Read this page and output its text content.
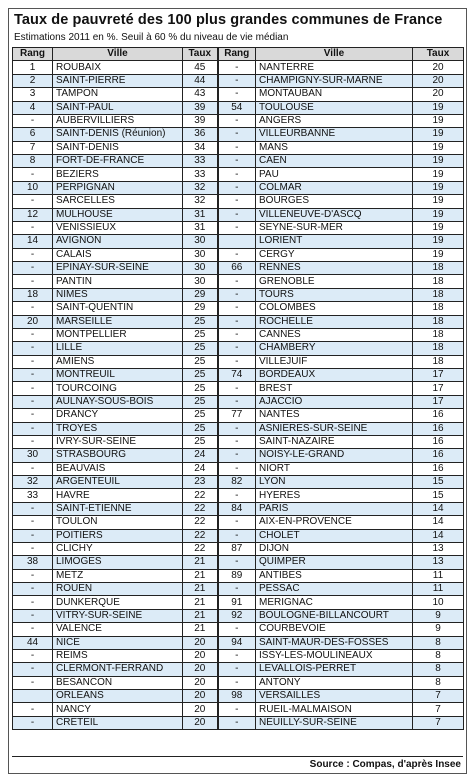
Taux de pauvreté des 100 plus grandes communes de France
Estimations 2011 en %. Seuil à 60 % du niveau de vie médian
Rang	Ville	Taux	Rang	Ville	Taux
1	ROUBAIX	45	-	NANTERRE	20
2	SAINT-PIERRE	44	-	CHAMPIGNY-SUR-MARNE	20
3	TAMPON	43	-	MONTAUBAN	20
4	SAINT-PAUL	39	54	TOULOUSE	19
-	AUBERVILLIERS	39	-	ANGERS	19
6	SAINT-DENIS (Réunion)	36	-	VILLEURBANNE	19
7	SAINT-DENIS	34	-	MANS	19
8	FORT-DE-FRANCE	33	-	CAEN	19
-	BEZIERS	33	-	PAU	19
10	PERPIGNAN	32	-	COLMAR	19
-	SARCELLES	32	-	BOURGES	19
12	MULHOUSE	31	-	VILLENEUVE-D'ASCQ	19
-	VENISSIEUX	31	-	SEYNE-SUR-MER	19
14	AVIGNON	30		LORIENT	19
-	CALAIS	30	-	CERGY	19
-	EPINAY-SUR-SEINE	30	66	RENNES	18
-	PANTIN	30	-	GRENOBLE	18
18	NIMES	29	-	TOURS	18
-	SAINT-QUENTIN	29	-	COLOMBES	18
20	MARSEILLE	25	-	ROCHELLE	18
-	MONTPELLIER	25	-	CANNES	18
-	LILLE	25	-	CHAMBERY	18
-	AMIENS	25	-	VILLEJUIF	18
-	MONTREUIL	25	74	BORDEAUX	17
-	TOURCOING	25	-	BREST	17
-	AULNAY-SOUS-BOIS	25	-	AJACCIO	17
-	DRANCY	25	77	NANTES	16
-	TROYES	25	-	ASNIERES-SUR-SEINE	16
-	IVRY-SUR-SEINE	25	-	SAINT-NAZAIRE	16
30	STRASBOURG	24	-	NOISY-LE-GRAND	16
-	BEAUVAIS	24	-	NIORT	16
32	ARGENTEUIL	23	82	LYON	15
33	HAVRE	22	-	HYERES	15
-	SAINT-ETIENNE	22	84	PARIS	14
-	TOULON	22	-	AIX-EN-PROVENCE	14
-	POITIERS	22	-	CHOLET	14
-	CLICHY	22	87	DIJON	13
38	LIMOGES	21	-	QUIMPER	13
-	METZ	21	89	ANTIBES	11
-	ROUEN	21	-	PESSAC	11
-	DUNKERQUE	21	91	MERIGNAC	10
-	VITRY-SUR-SEINE	21	92	BOULOGNE-BILLANCOURT	9
-	VALENCE	21	-	COURBEVOIE	9
44	NICE	20	94	SAINT-MAUR-DES-FOSSES	8
-	REIMS	20	-	ISSY-LES-MOULINEAUX	8
-	CLERMONT-FERRAND	20	-	LEVALLOIS-PERRET	8
-	BESANCON	20	-	ANTONY	8
	ORLEANS	20	98	VERSAILLES	7
-	NANCY	20	-	RUEIL-MALMAISON	7
-	CRETEIL	20	-	NEUILLY-SUR-SEINE	7
Source : Compas, d'après Insee
